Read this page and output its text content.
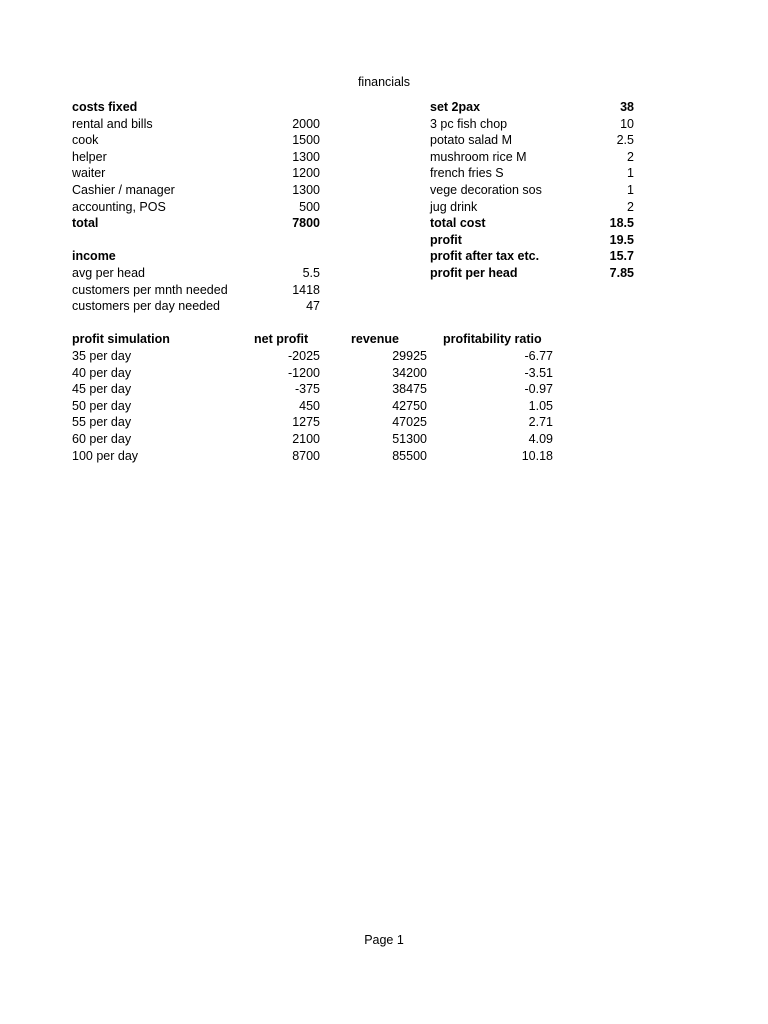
financials
costs fixed
rental and bills	2000
cook	1500
helper	1300
waiter	1200
Cashier / manager	1300
accounting, POS	500
total	7800
income
avg per head	5.5
customers per mnth needed	1418
customers per day needed	47
set 2pax	38
3 pc fish chop	10
potato salad M	2.5
mushroom rice M	2
french fries S	1
vege decoration sos	1
jug drink	2
total cost	18.5
profit	19.5
profit after tax etc.	15.7
profit per head	7.85
profit simulation	net profit	revenue	profitability ratio
35 per day	-2025	29925	-6.77
40 per day	-1200	34200	-3.51
45 per day	-375	38475	-0.97
50 per day	450	42750	1.05
55 per day	1275	47025	2.71
60 per day	2100	51300	4.09
100 per day	8700	85500	10.18
Page 1
